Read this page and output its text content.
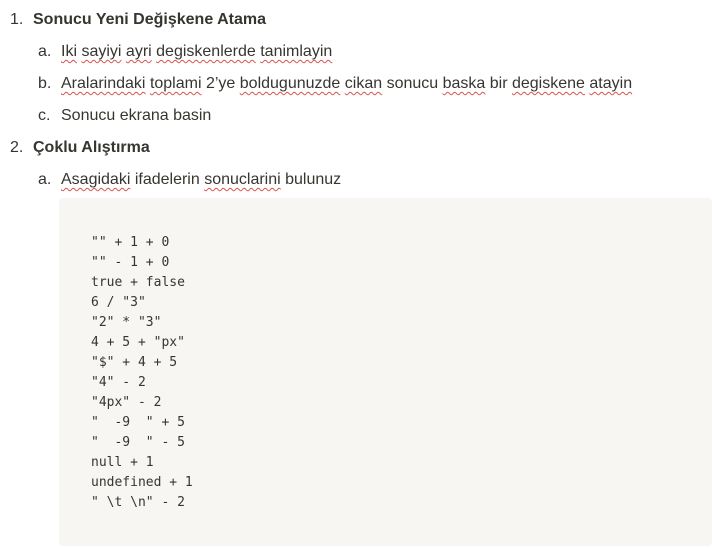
1. Sonucu Yeni Değişkene Atama
a. Iki sayiyi ayri degiskenlerde tanimlayin
b. Aralarindaki toplami 2’ye boldugunuzde cikan sonucu baska bir degiskene atayin
c. Sonucu ekrana basin
2. Çoklu Alıştırma
a. Asagidaki ifadelerin sonuclarini bulunuz
"" + 1 + 0
"" - 1 + 0
true + false
6 / "3"
"2" * "3"
4 + 5 + "px"
"$" + 4 + 5
"4" - 2
"4px" - 2
"  -9  " + 5
"  -9  " - 5
null + 1
undefined + 1
" \t \n" - 2
